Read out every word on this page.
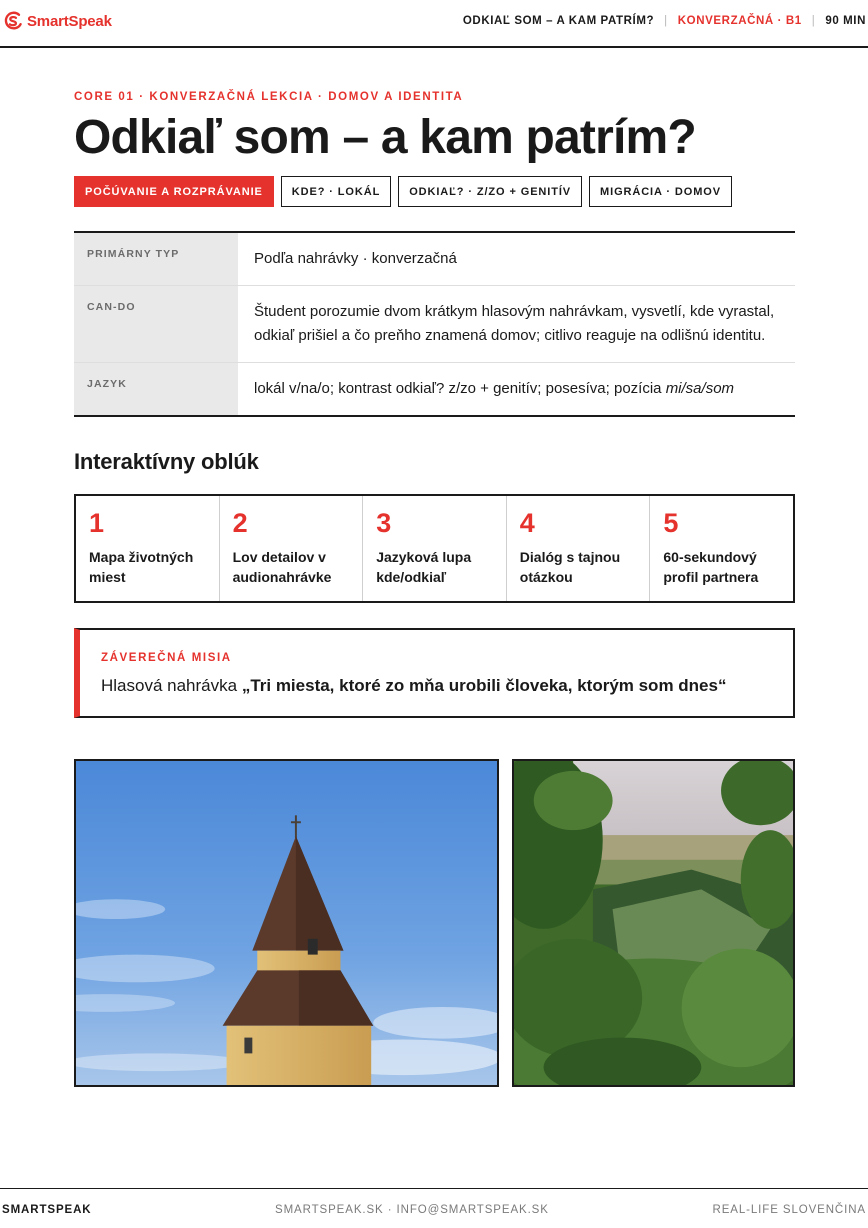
SmartSpeak	ODKIAĽ SOM – A KAM PATRÍM? | KONVERZAČNÁ · B1 | 90 MIN
CORE 01 · KONVERZAČNÁ LEKCIA · DOMOV A IDENTITA
Odkiaľ som – a kam patrím?
POČÚVANIE A ROZPRÁVANIE	KDE? · LOKÁL	ODKIAĽ? · Z/ZO + GENITÍV	MIGRÁCIA · DOMOV
PRIMÁRNY TYP	Podľa nahrávky · konverzačná
CAN-DO	Študent porozumie dvom krátkym hlasovým nahrávkam, vysvetlí, kde vyrastal, odkiaľ prišiel a čo preňho znamená domov; citlivo reaguje na odlišnú identitu.
JAZYK	lokál v/na/o; kontrast odkiaľ? z/zo + genitív; posesíva; pozícia mi/sa/som
Interaktívny oblúk
1
Mapa životných miest
2
Lov detailov v audionahrávke
3
Jazyková lupa kde/odkiaľ
4
Dialóg s tajnou otázkou
5
60-sekundový profil partnera
ZÁVEREČNÁ MISIA
Hlasová nahrávka „Tri miesta, ktoré zo mňa urobili človeka, ktorým som dnes“
SMARTSPEAK	SMARTSPEAK.SK · INFO@SMARTSPEAK.SK	REAL-LIFE SLOVENČINA
